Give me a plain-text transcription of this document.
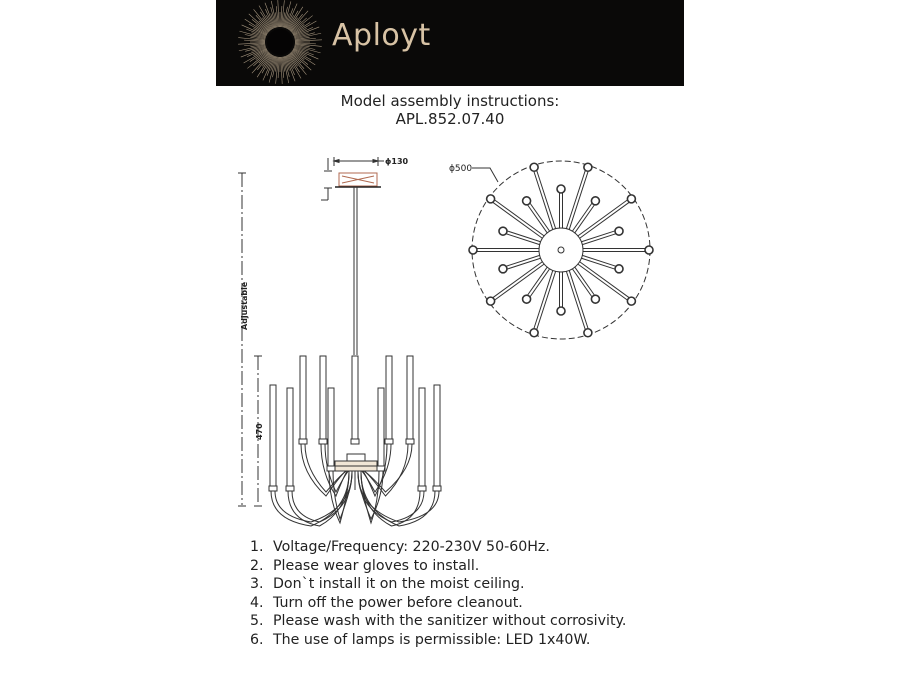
Aployt
Model assembly instructions:
APL.852.07.40
ϕ130
Adjustable
470
ϕ500
1. Voltage/Frequency: 220-230V 50-60Hz.
2. Please wear gloves to install.
3. Don`t install it on the moist ceiling.
4. Turn off the power before cleanout.
5. Please wash with the sanitizer without corrosivity.
6. The use of lamps is permissible: LED 1x40W.
